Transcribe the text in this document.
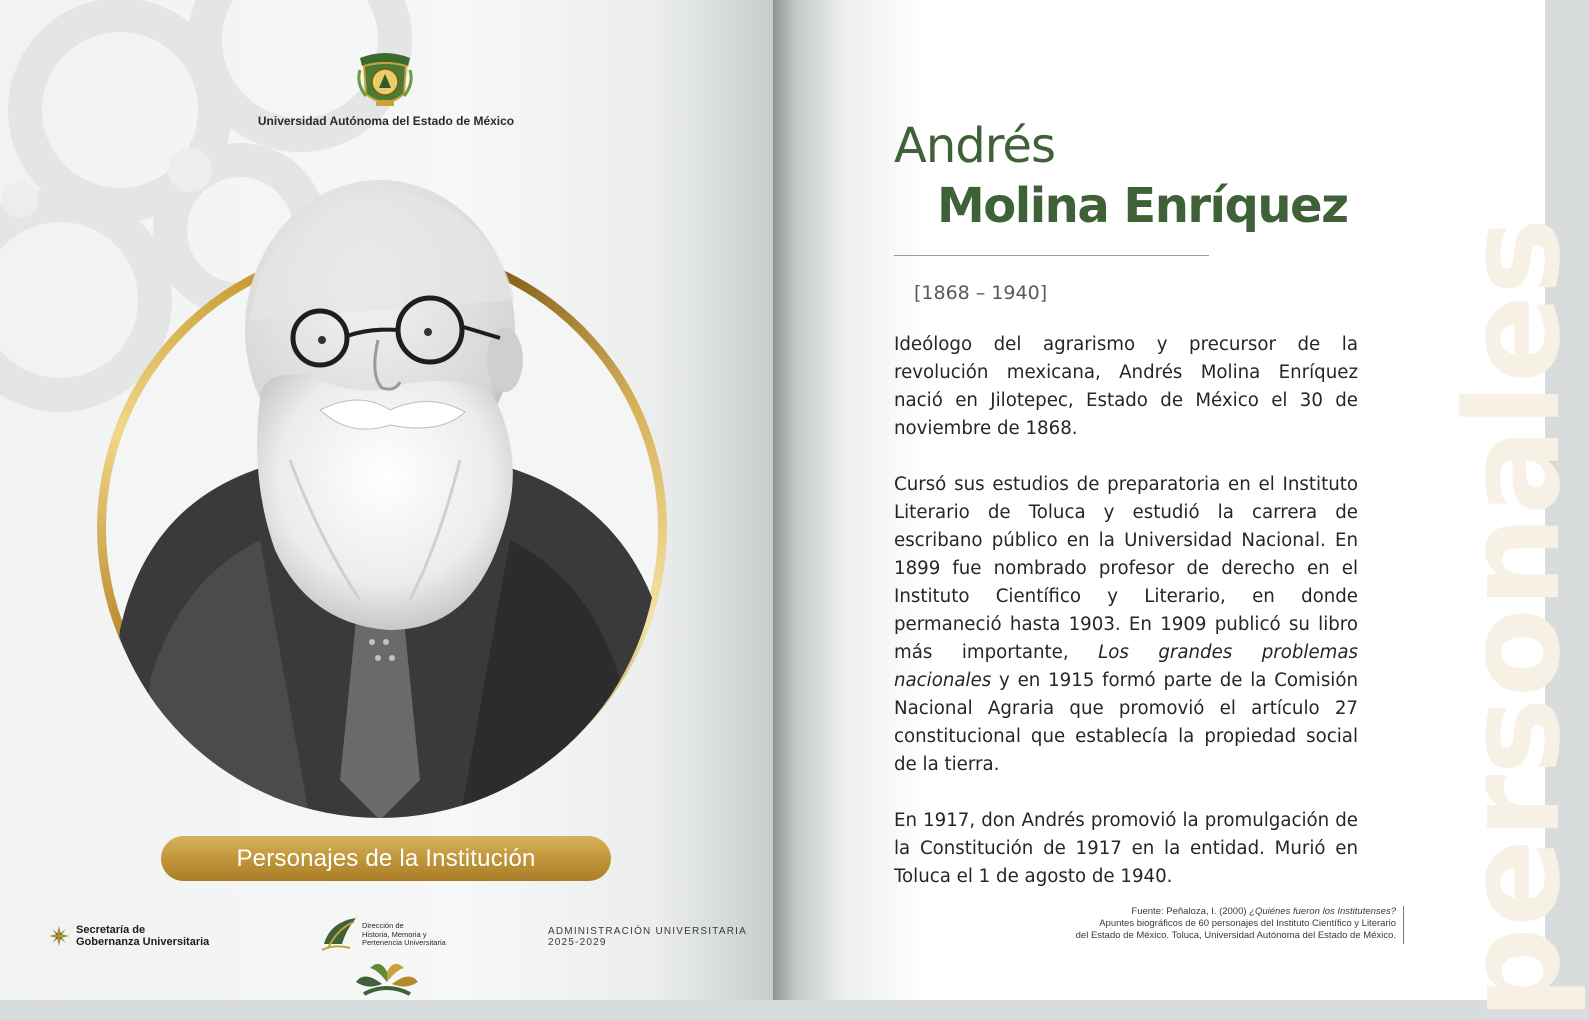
Universidad Autónoma del Estado de México
Personajes de la Institución
Secretaría de
Gobernanza Universitaria
Dirección de
Historia, Memoria y
Pertenencia Universitaria
ADMINISTRACIÓN UNIVERSITARIA
2025-2029	personales
Andrés
Molina Enríquez
[1868 – 1940]

Ideólogo del agrarismo y precursor de la revolución mexicana, Andrés Molina Enríquez nació en Jilotepec, Estado de México el 30 de noviembre de 1868.

Cursó sus estudios de preparatoria en el Instituto Literario de Toluca y estudió la carrera de escribano público en la Universidad Nacional. En 1899 fue nombrado profesor de derecho en el Instituto Científico y Literario, en donde permaneció hasta 1903. En 1909 publicó su libro más importante, Los grandes problemas nacionales y en 1915 formó parte de la Comisión Nacional Agraria que promovió el artículo 27 constitucional que establecía la propiedad social de la tierra.

En 1917, don Andrés promovió la promulgación de la Constitución de 1917 en la entidad. Murió en Toluca el 1 de agosto de 1940.

Fuente: Peñaloza, I. (2000) ¿Quiénes fueron los Institutenses?
Apuntes biográficos de 60 personajes del Instituto Científico y Literario
del Estado de México. Toluca, Universidad Autónoma del Estado de México.
